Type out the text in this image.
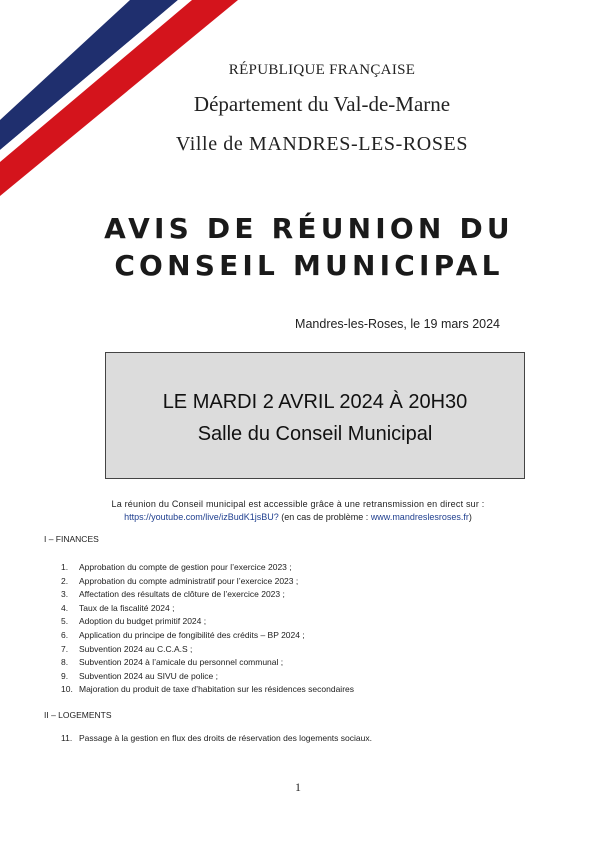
RÉPUBLIQUE FRANÇAISE
Département du Val-de-Marne
Ville de MANDRES-LES-ROSES
AVIS DE RÉUNION DU
CONSEIL MUNICIPAL
Mandres-les-Roses, le 19 mars 2024
LE MARDI 2 AVRIL 2024 À 20H30
Salle du Conseil Municipal
La réunion du Conseil municipal est accessible grâce à une retransmission en direct sur :
https://youtube.com/live/izBudK1jsBU? (en cas de problème : www.mandreslesroses.fr)
I – FINANCES
1. Approbation du compte de gestion pour l’exercice 2023 ;
2. Approbation du compte administratif pour l’exercice 2023 ;
3. Affectation des résultats de clôture de l’exercice 2023 ;
4. Taux de la fiscalité 2024 ;
5. Adoption du budget primitif 2024 ;
6. Application du principe de fongibilité des crédits – BP 2024 ;
7. Subvention 2024 au C.C.A.S ;
8. Subvention 2024 à l’amicale du personnel communal ;
9. Subvention 2024 au SIVU de police ;
10. Majoration du produit de taxe d’habitation sur les résidences secondaires
II – LOGEMENTS
11. Passage à la gestion en flux des droits de réservation des logements sociaux.
1
